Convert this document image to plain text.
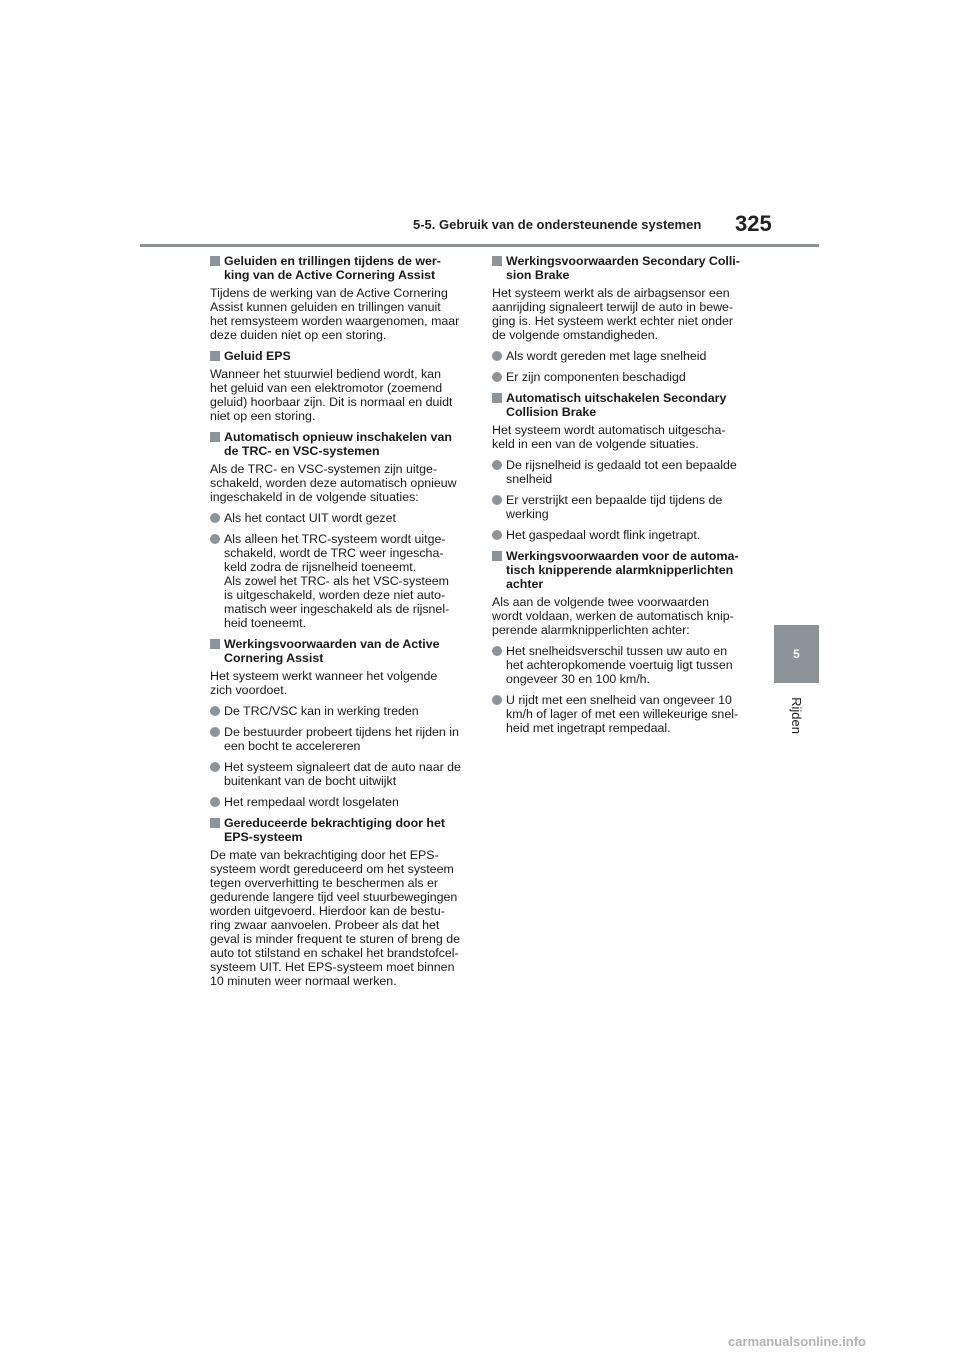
5-5. Gebruik van de ondersteunende systemen 325
5
Rijden
Geluiden en trillingen tijdens de wer-
king van de Active Cornering Assist
Tijdens de werking van de Active Cornering
Assist kunnen geluiden en trillingen vanuit
het remsysteem worden waargenomen, maar
deze duiden niet op een storing.
Geluid EPS
Wanneer het stuurwiel bediend wordt, kan
het geluid van een elektromotor (zoemend
geluid) hoorbaar zijn. Dit is normaal en duidt
niet op een storing.
Automatisch opnieuw inschakelen van
de TRC- en VSC-systemen
Als de TRC- en VSC-systemen zijn uitge-
schakeld, worden deze automatisch opnieuw
ingeschakeld in de volgende situaties:
Als het contact UIT wordt gezet
Als alleen het TRC-systeem wordt uitge-
schakeld, wordt de TRC weer ingescha-
keld zodra de rijsnelheid toeneemt.
Als zowel het TRC- als het VSC-systeem
is uitgeschakeld, worden deze niet auto-
matisch weer ingeschakeld als de rijsnel-
heid toeneemt.
Werkingsvoorwaarden van de Active
Cornering Assist
Het systeem werkt wanneer het volgende
zich voordoet.
De TRC/VSC kan in werking treden
De bestuurder probeert tijdens het rijden in
een bocht te accelereren
Het systeem signaleert dat de auto naar de
buitenkant van de bocht uitwijkt
Het rempedaal wordt losgelaten
Gereduceerde bekrachtiging door het
EPS-systeem
De mate van bekrachtiging door het EPS-
systeem wordt gereduceerd om het systeem
tegen oververhitting te beschermen als er
gedurende langere tijd veel stuurbewegingen
worden uitgevoerd. Hierdoor kan de bestu-
ring zwaar aanvoelen. Probeer als dat het
geval is minder frequent te sturen of breng de
auto tot stilstand en schakel het brandstofcel-
systeem UIT. Het EPS-systeem moet binnen
10 minuten weer normaal werken.
Werkingsvoorwaarden Secondary Colli-
sion Brake
Het systeem werkt als de airbagsensor een
aanrijding signaleert terwijl de auto in bewe-
ging is. Het systeem werkt echter niet onder
de volgende omstandigheden.
Als wordt gereden met lage snelheid
Er zijn componenten beschadigd
Automatisch uitschakelen Secondary
Collision Brake
Het systeem wordt automatisch uitgescha-
keld in een van de volgende situaties.
De rijsnelheid is gedaald tot een bepaalde
snelheid
Er verstrijkt een bepaalde tijd tijdens de
werking
Het gaspedaal wordt flink ingetrapt.
Werkingsvoorwaarden voor de automa-
tisch knipperende alarmknipperlichten
achter
Als aan de volgende twee voorwaarden
wordt voldaan, werken de automatisch knip-
perende alarmknipperlichten achter:
Het snelheidsverschil tussen uw auto en
het achteropkomende voertuig ligt tussen
ongeveer 30 en 100 km/h.
U rijdt met een snelheid van ongeveer 10
km/h of lager of met een willekeurige snel-
heid met ingetrapt rempedaal.
carmanualsonline.info
